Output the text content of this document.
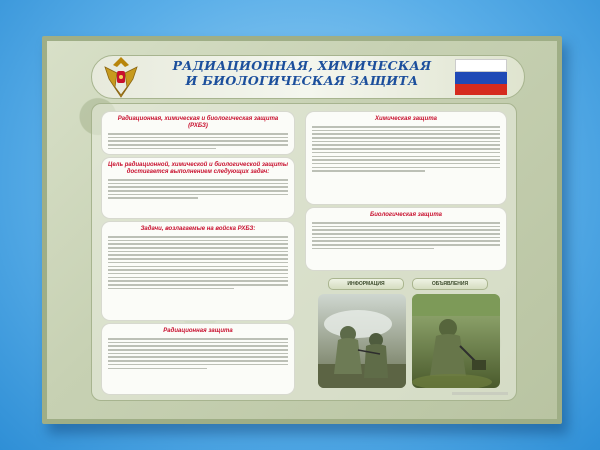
РАДИАЦИОННАЯ, ХИМИЧЕСКАЯ
И БИОЛОГИЧЕСКАЯ ЗАЩИТА
Радиационная, химическая и биологическая защита (РХБЗ)
Цель радиационной, химической и биологической защиты достигается выполнением следующих задач:
Задачи, возлагаемые на войска РХБЗ:
Радиационная защита
Химическая защита
Биологическая защита
ИНФОРМАЦИЯ	ОБЪЯВЛЕНИЯ
